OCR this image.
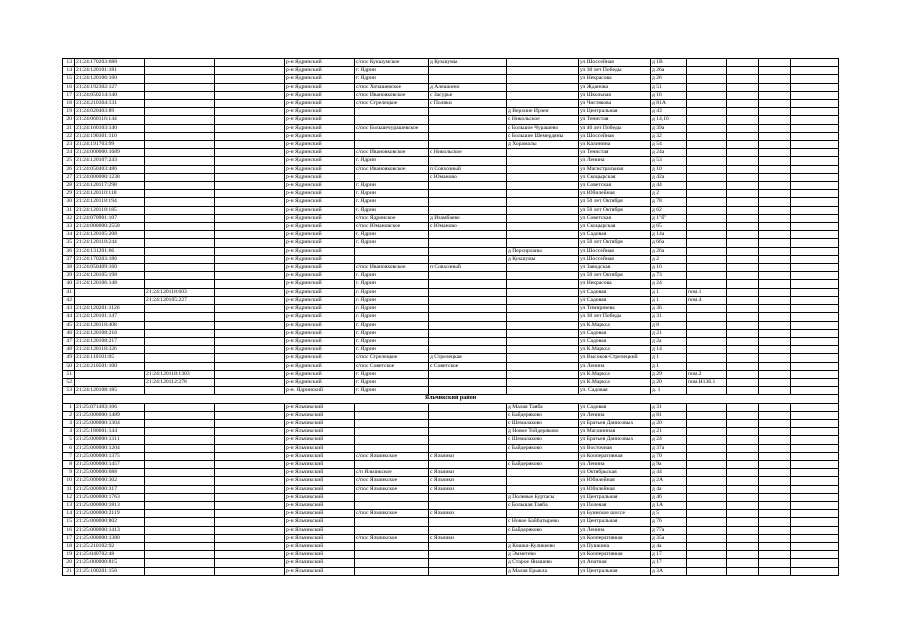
13	21:24:170203:688			р-н Ядринский	с/пос Кукшумское	д Кукшумы		ул Шоссейная	д 1В				
14	21:24:120101:181			р-н Ядринский	г. Ядрин			ул 30 лет Победы	д 26а				
15	21:24:120106:160			р-н Ядринский	г. Ядрин			ул Некрасова	д 26				
16	21:24:192302:127			р-н Ядринский	с/пос Хочашевское	д Алешкино		ул Жданова	д 51				
17	21:24:050214:140			р-н Ядринский	с/пос Ивановковское	с Засурье		ул Школьная	д 16				
18	21:24:210304:131			р-н Ядринский	с/пос Стрелецкое	с Поляки		ул Чистякова	д 81А				
19	21:24:020403:89			р-н Ядринский			д Верхние Ирзеи	ул Центральная	д 43				
20	21:24:060116:144			р-н Ядринский			с Никольское	ул Тенистая	д 14,16				
21	21:24:160103:140			р-н Ядринский	с/пос Большечурашевское		с Большое Чурашево	ул 40 лет Победы	д 39а				
22	21:24:190301:110			р-н Ядринский			с Большие Шемердяны	ул Шоссейная	д 32				
23	21:24:191703:99			р-н Ядринский			д Хорамалы	ул Калинина	д 54				
24	21:24:000000:1689			р-н Ядринский	с/пос Ивановковское	с Никольское		ул Тенистая	д 24а				
25	21:24:120107:243			р-н Ядринский	г. Ядрин			ул Ленина	д 53				
26	21:24:050403:486			р-н Ядринский	с/пос Ивановковское	п Совхозный		ул Магистральная	д 10				
27	21:24:000000:1238			р-н Ядринский		с Юманово		ул Скоцырская	д 42а				
28	21:24:120117:298			р-н Ядринский	г. Ядрин			ул Советская	д 44				
29	21:24:120110:118			р-н Ядринский	г. Ядрин			ул Юбилейная	д 2				
30	21:24:120118:194			р-н Ядринский	г. Ядрин			ул 50 лет Октября	д 78				
31	21:24:120118:185			р-н Ядринский	г. Ядрин			ул 50 лет Октября	д 62				
32	21:24:070901:107			р-н Ядринский	с/пос Ядринское	д Изамбаево		ул Советская	д 1"б"				
33	21:24:000000:2558			р-н Ядринский	с/пос Юмановское	с Юманово		ул Скоцырская	д 65				
34	21:24:120105:208			р-н Ядринский	г. Ядрин			ул Садовая	д 14а				
35	21:24:120118:244			р-н Ядринский	г. Ядрин			ул 50 лет Октября	д 66а				
36	21:24:131201:66			р-н Ядринский			д Персирланы	ул Шоссейная	д 26а				
37	21:24:170203:186			р-н Ядринский			д Кукшумы	ул Шоссейная	д 2				
38	21:24:050409:160			р-н Ядринский	с/пос Ивановковское	п Совхозный		ул Заводская	д 16				
39	21:24:120105:198			р-н Ядринский	г. Ядрин			ул 50 лет Октября	д 73				
40	21:24:120106:148			р-н Ядринский	г. Ядрин			ул Некрасова	д 24				
41		21:24:120118:603		р-н Ядринский	г. Ядрин			ул Садовая	д 1	пом.1			
42		21:24:120105:227		р-н Ядринский	г. Ядрин			ул Садовая	д 1	пом.4			
43	21:24:120201:1126			р-н Ядринский	г. Ядрин			ул Тимирязева	д 36				
44	21:24:120101:147			р-н Ядринский	г. Ядрин			ул 30 лет Победы	д 31				
45	21:24:120118:408			р-н Ядринский	г. Ядрин			ул К.Маркса	д 8				
46	21:24:120108:216			р-н Ядринский	г. Ядрин			ул Садовая	д 21				
47	21:24:120108:217			р-н Ядринский	г. Ядрин			ул Садовая	д 2а				
48	21:24:120118:326			р-н Ядринский	г. Ядрин			ул К.Маркса	д 14				
49	21:24:110101:85			р-н Ядринский	с/пос Стрелецкое	д Стрелецкая		ул Высоков-Стрелецкий	д 1				
50	21:24:210501:100			р-н Ядринский	с/пос Советское	с Советское		ул Ленина	д 1				
51		21:24:120118:1303		р-н Ядринский	г. Ядрин			ул К.Маркса	д 29	пом.2			
52		21:24:120112:278		р-н Ядринский	г. Ядрин			ул К.Маркса	д 20	пом.Н13б.1			
53	21:24:120108:185			р-н. Ядринский	г. Ядрин			ул. Садовая	д. 1				
Яльчикский район													
1	21:25:071403:106			р-н Яльчикский			д Малая Таяба	ул Садовая	д 31				
2	21:25:000000:1489			р-н Яльчикский			с Байдеряково	ул Ленина	д 81				
3	21:25:000000:1304			р-н Яльчикский			с Шемалаково	ул Братьев Данисовых	д 20				
4	21:25:180601:144			р-н Яльчикский			д Новое Тойдеряково	ул Магазинная	д 21				
5	21:25:000000:1311			р-н Яльчикский			с Шемалаково	ул Братьев Данисовых	д 24				
6	21:25:000000:1204			р-н Яльчикский			с Байдеряково	ул Восточная	д 37а				
7	21:25:000000:1375			р-н Яльчикский	с/пос Яльчикское	с Яльчики		ул Кооперативная	д 70				
8	21:25:000000:1457			р-н Яльчикский			с Байдеряково	ул Ленина	д 9а				
9	21:25:000000:688			р-н Яльчикский	с/п Яльчикское	с Яльчики		ул Октябрьская	д 44				
10	21:25:000000:302			р-н Яльчикский	с/пос Яльчикское	с Яльчики		ул Юбилейная	д 2А				
11	21:25:000000:317			р-н Яльчикский	с/пос Яльчикское	с Яльчики		ул Юбилейная	д 4а				
12	21:25:000000:1763			р-н Яльчикский			д Полевые Буртасы	ул Центральная	д 46				
13	21:25:000000:1813			р-н Яльчикский			с Большая Таяба	ул Полевая	д 1А				
14	21:25:000000:2119			р-н Яльчикский	с/пос Яльчикское	с Яльчики		ул Буинское шоссе	д 5				
15	21:25:000000:802			р-н Яльчикский			с Новое Байбатырево	ул Центральная	д 76				
16	21:25:000000:1413			р-н Яльчикский			с Байдеряково	ул Ленина	д 77а				
17	21:25:000000:1380			р-н Яльчикский	с/пос Яльчикское	с Яльчики		ул Кооперативная	д 35а				
18	21:25:210102:92			р-н Яльчикский			д Кошки-Куликеево	ул Пушкина	д 4а				
19	21:25:040702:48			р-н Яльчикский			д Эмметево	ул Кооперативная	д 17				
20	21:25:000000:815			р-н Яльчикский			д Старое Янашево	ул Анатная	д 17				
21	21:25:100201:156			р-н Яльчикский			д Малая Ерыкла	ул Центральная	д 3А				
